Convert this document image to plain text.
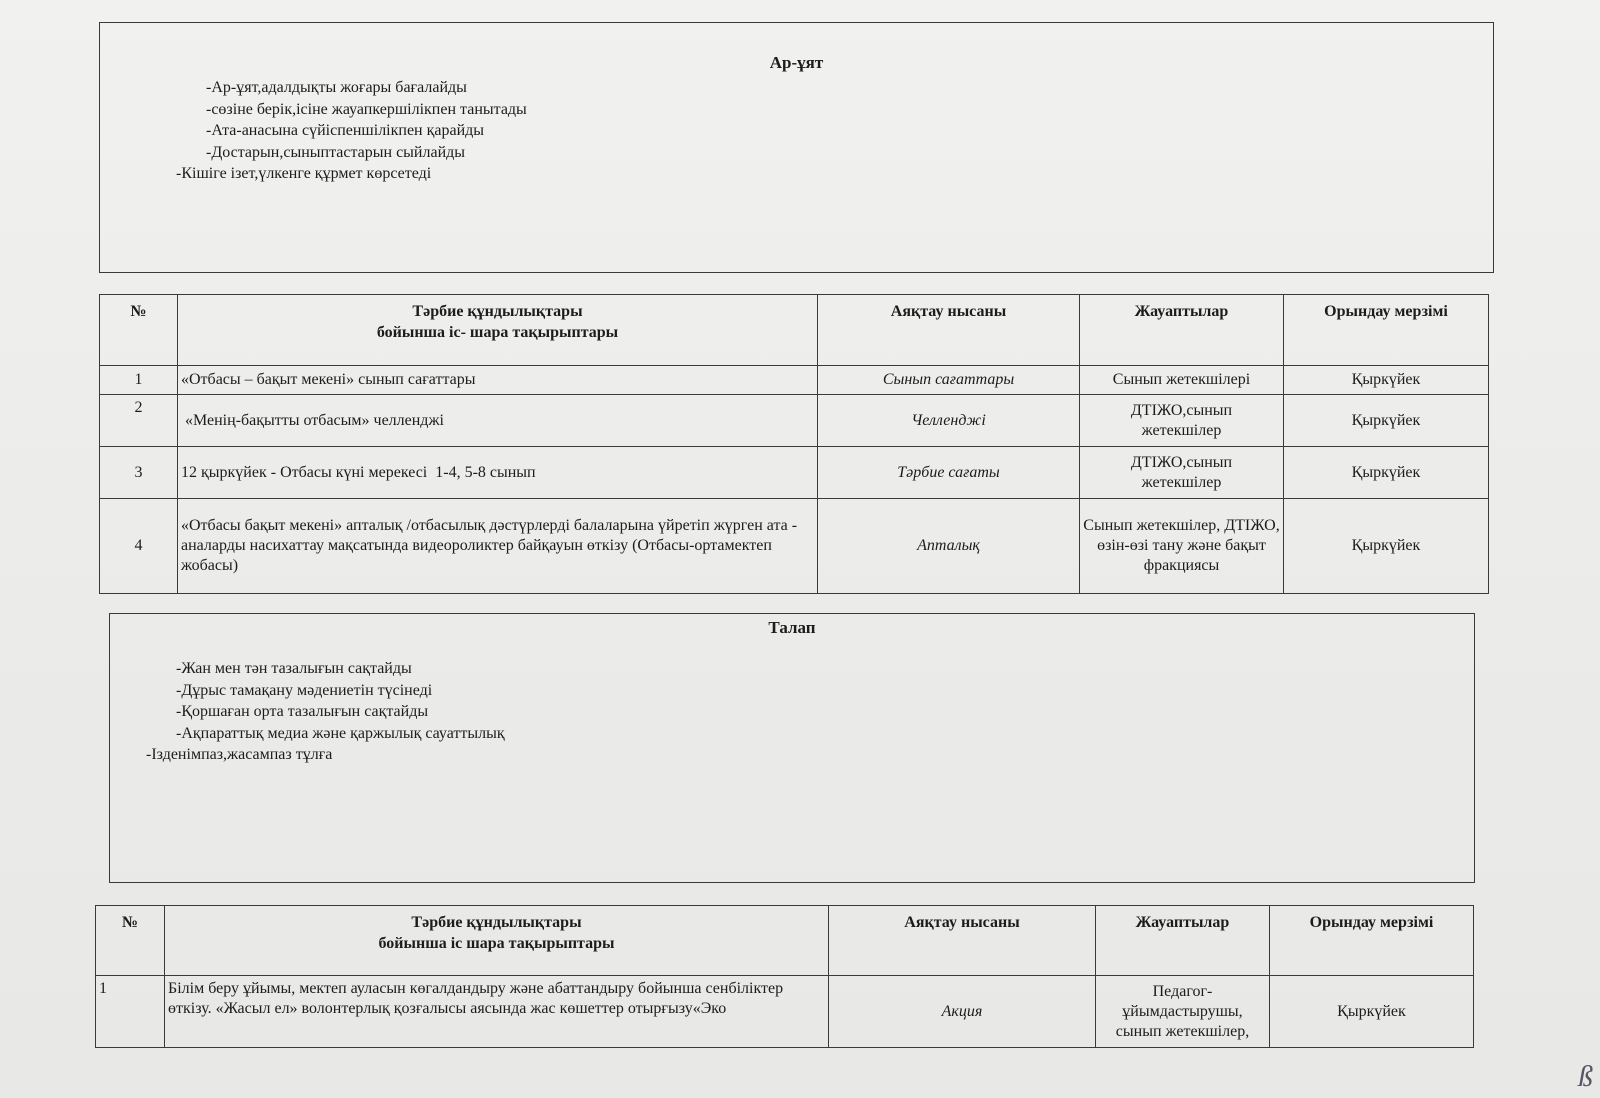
Ар-ұят
-Ар-ұят,адалдықты жоғары бағалайды
-сөзіне берік,ісіне жауапкершілікпен танытады
-Ата-анасына сүйіспеншілікпен қарайды
-Достарын,сыныптастарын сыйлайды
-Кішіге ізет,үлкенге құрмет көрсетеді
№	Тәрбие құндылықтары
бойынша іс- шара тақырыптары	Аяқтау нысаны	Жауаптылар	Орындау мерзімі
1	«Отбасы – бақыт мекені» сынып сағаттары	Сынып сағаттары	Сынып жетекшілері	Қыркүйек
2	«Менің-бақытты отбасым» челленджі	Челленджі	ДТІЖО,сынып жетекшілер	Қыркүйек
3	12 қыркүйек - Отбасы күні мерекесі  1-4, 5-8 сынып	Тәрбие сағаты	ДТІЖО,сынып жетекшілер	Қыркүйек
4	«Отбасы бақыт мекені» апталық /отбасылық дәстүрлерді балаларына үйретіп жүрген ата - аналарды насихаттау мақсатында видеороликтер байқауын өткізу (Отбасы-ортамектеп жобасы)	Апталық	Сынып жетекшілер, ДТІЖО, өзін-өзі тану және бақыт фракциясы	Қыркүйек
Талап
-Жан мен тән тазалығын сақтайды
-Дұрыс тамақану мәдениетін түсінеді
-Қоршаған орта тазалығын сақтайды
-Ақпараттық медиа және қаржылық сауаттылық
-Ізденімпаз,жасампаз тұлға
№	Тәрбие құндылықтары
бойынша іс шара тақырыптары	Аяқтау нысаны	Жауаптылар	Орындау мерзімі
1	Білім беру ұйымы, мектеп ауласын көгалдандыру және абаттандыру бойынша сенбіліктер өткізу. «Жасыл ел» волонтерлық қозғалысы аясында жас көшеттер отырғызу«Эко	Акция	Педагог-ұйымдастырушы, сынып жетекшілер,	Қыркүйек
ß
